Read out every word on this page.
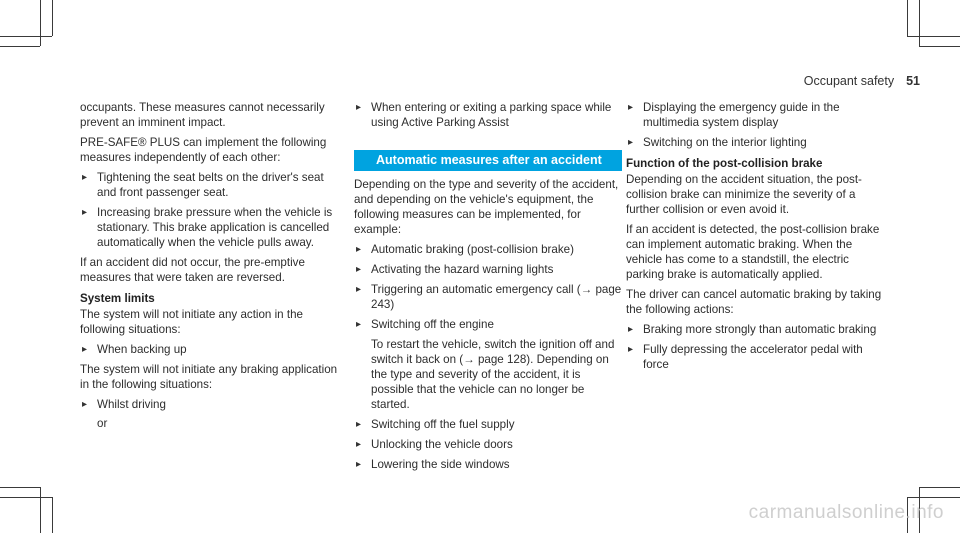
Occupant safety 51

occupants. These measures cannot necessarily prevent an imminent impact.

PRE-SAFE® PLUS can implement the following measures independently of each other:

▸ Tightening the seat belts on the driver's seat and front passenger seat.
▸ Increasing brake pressure when the vehicle is stationary. This brake application is cancelled automatically when the vehicle pulls away.

If an accident did not occur, the pre-emptive measures that were taken are reversed.

System limits

The system will not initiate any action in the following situations:

▸ When backing up

The system will not initiate any braking application in the following situations:

▸ Whilst driving
or
▸ When entering or exiting a parking space while using Active Parking Assist
Automatic measures after an accident

Depending on the type and severity of the accident, and depending on the vehicle's equipment, the following measures can be implemented, for example:

▸ Automatic braking (post-collision brake)
▸ Activating the hazard warning lights
▸ Triggering an automatic emergency call (→ page 243)
▸ Switching off the engine
To restart the vehicle, switch the ignition off and switch it back on (→ page 128). Depending on the type and severity of the accident, it is possible that the vehicle can no longer be started.
▸ Switching off the fuel supply
▸ Unlocking the vehicle doors
▸ Lowering the side windows
▸ Displaying the emergency guide in the multimedia system display
▸ Switching on the interior lighting
Function of the post-collision brake

Depending on the accident situation, the post-collision brake can minimize the severity of a further collision or even avoid it.

If an accident is detected, the post-collision brake can implement automatic braking. When the vehicle has come to a standstill, the electric parking brake is automatically applied.

The driver can cancel automatic braking by taking the following actions:

▸ Braking more strongly than automatic braking
▸ Fully depressing the accelerator pedal with force
carmanualsonline.info
